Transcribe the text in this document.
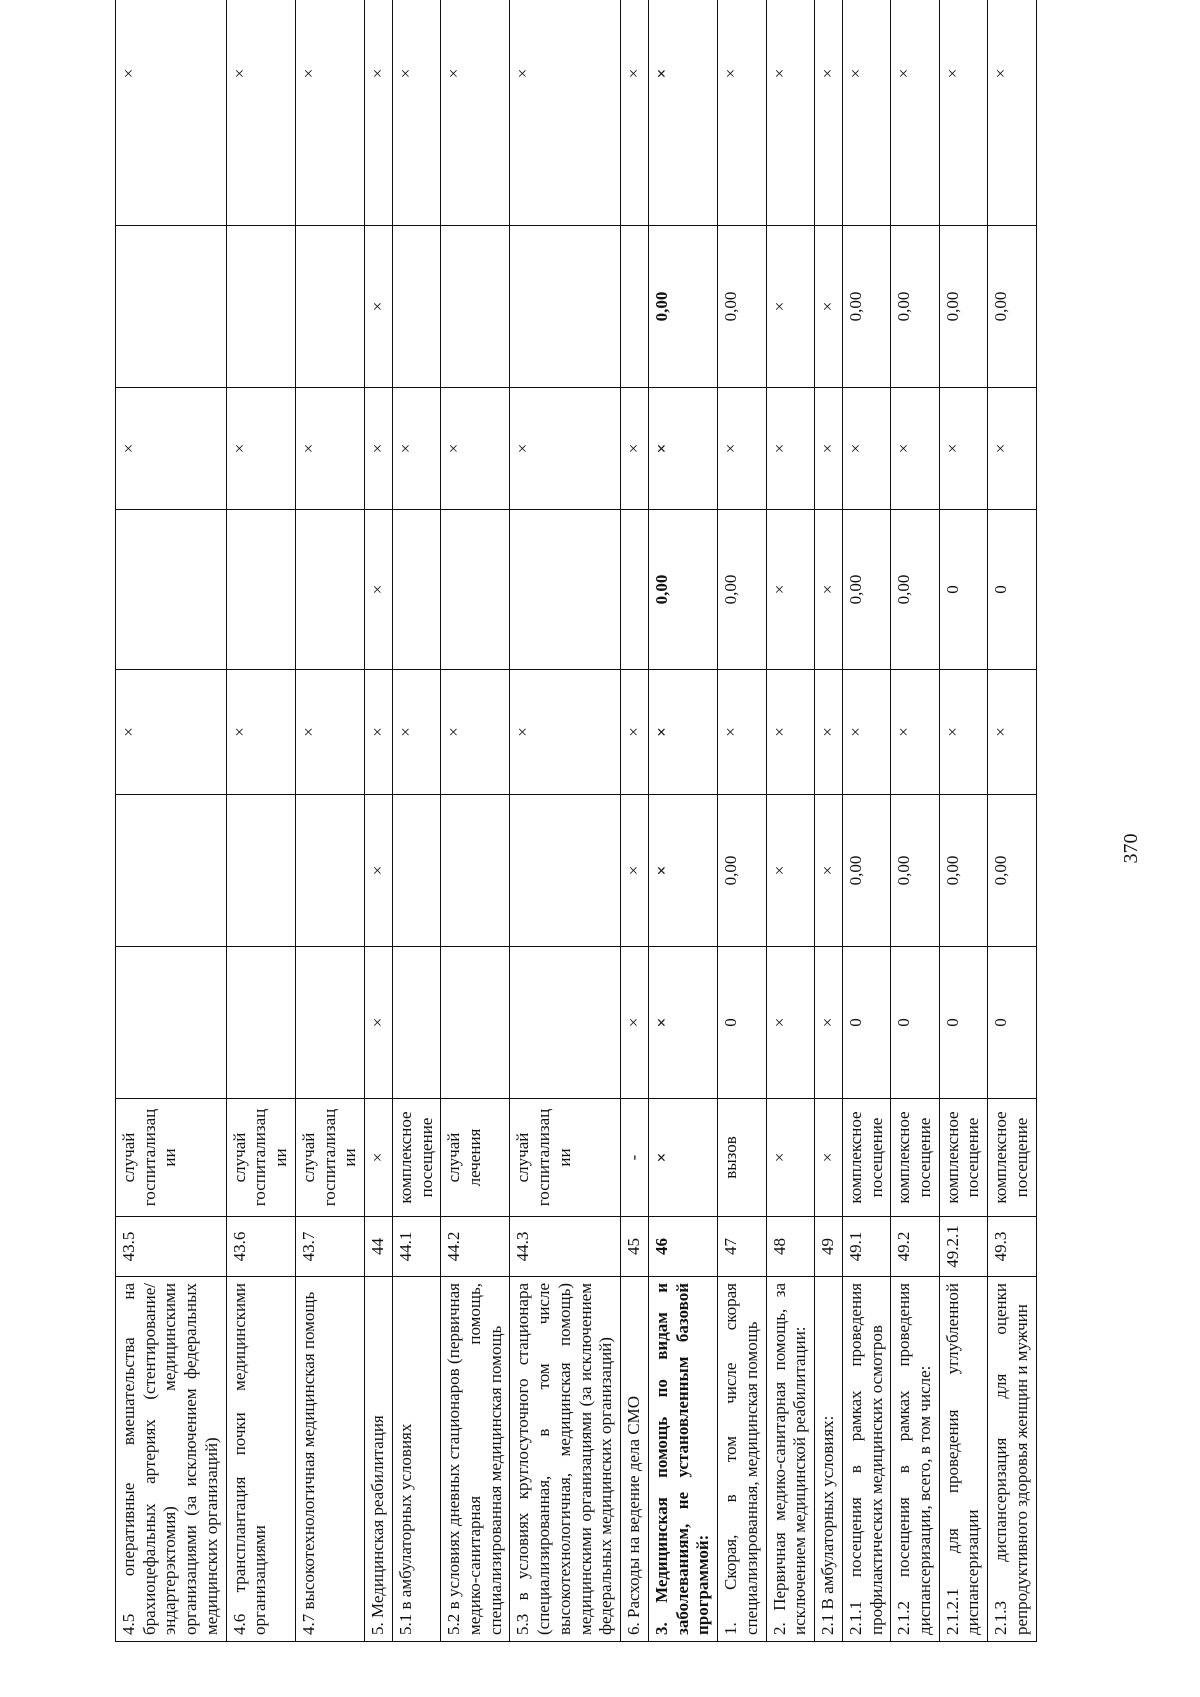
4.5 оперативные вмешательства на брахиоцефальных артериях (стентирование/эндартерэктомия) медицинскими организациями (за исключением федеральных медицинских организаций)	43.5	случай госпитализации			×		×		×
4.6 трансплантация почки медицинскими организациями	43.6	случай госпитализации			×		×		×
4.7 высокотехнологичная медицинская помощь	43.7	случай госпитализации			×		×		×
5. Медицинская реабилитация	44	×	×	×	×	×	×	×	×
5.1 в амбулаторных условиях	44.1	комплексное посещение			×		×		×
5.2 в условиях дневных стационаров (первичная медико-санитарная помощь, специализированная медицинская помощь	44.2	случай лечения			×		×		×
5.3 в условиях круглосуточного стационара (специализированная, в том числе высокотехнологичная, медицинская помощь) медицинскими организациями (за исключением федеральных медицинских организаций)	44.3	случай госпитализации			×		×		×
6. Расходы на ведение дела СМО	45	-	×	×	×		×		×
3. Медицинская помощь по видам и заболеваниям, не установленным базовой программой:	46	×	×	×	×	0,00	×	0,00	×
1. Скорая, в том числе скорая специализированная, медицинская помощь	47	вызов	0	0,00	×	0,00	×	0,00	×
2. Первичная медико-санитарная помощь, за исключением медицинской реабилитации:	48	×	×	×	×	×	×	×	×
2.1 В амбулаторных условиях:	49	×	×	×	×	×	×	×	×
2.1.1 посещения в рамках проведения профилактических медицинских осмотров	49.1	комплексное посещение	0	0,00	×	0,00	×	0,00	×
2.1.2 посещения в рамках проведения диспансеризации, всего, в том числе:	49.2	комплексное посещение	0	0,00	×	0,00	×	0,00	×
2.1.2.1 для проведения углубленной диспансеризации	49.2.1	комплексное посещение	0	0,00	×	0	×	0,00	×
2.1.3 диспансеризация для оценки репродуктивного здоровья женщин и мужчин	49.3	комплексное посещение	0	0,00	×	0	×	0,00	×
370
